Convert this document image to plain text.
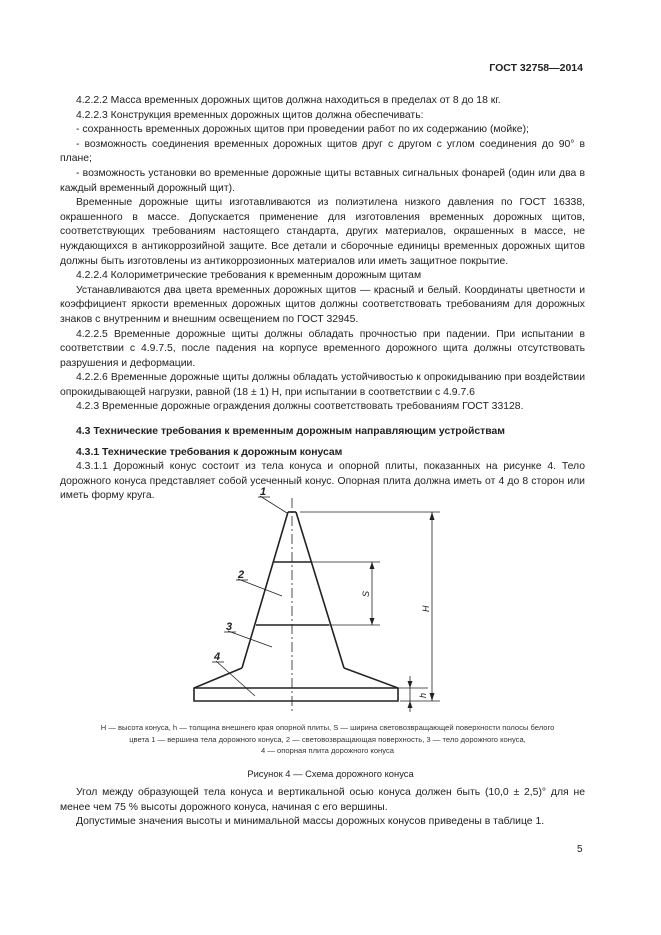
ГОСТ 32758—2014

4.2.2.2 Масса временных дорожных щитов должна находиться в пределах от 8 до 18 кг.

4.2.2.3 Конструкция временных дорожных щитов должна обеспечивать:

- сохранность временных дорожных щитов при проведении работ по их содержанию (мойке);

- возможность соединения временных дорожных щитов друг с другом с углом соединения до 90° в плане;

- возможность установки во временные дорожные щиты вставных сигнальных фонарей (один или два в каждый временный дорожный щит).

Временные дорожные щиты изготавливаются из полиэтилена низкого давления по ГОСТ 16338, окрашенного в массе. Допускается применение для изготовления временных дорожных щитов, соответствующих требованиям настоящего стандарта, других материалов, окрашенных в массе, не нуждающихся в антикоррозийной защите. Все детали и сборочные единицы временных дорожных щитов должны быть изготовлены из антикоррозионных материалов или иметь защитное покрытие.

4.2.2.4 Колориметрические требования к временным дорожным щитам

Устанавливаются два цвета временных дорожных щитов — красный и белый. Координаты цветности и коэффициент яркости временных дорожных щитов должны соответствовать требованиям для дорожных знаков с внутренним и внешним освещением по ГОСТ 32945.

4.2.2.5 Временные дорожные щиты должны обладать прочностью при падении. При испытании в соответствии с 4.9.7.5, после падения на корпусе временного дорожного щита должны отсутствовать разрушения и деформации.

4.2.2.6 Временные дорожные щиты должны обладать устойчивостью к опрокидыванию при воздействии опрокидывающей нагрузки, равной (18 ± 1) Н, при испытании в соответствии с 4.9.7.6

4.2.3 Временные дорожные ограждения должны соответствовать требованиям ГОСТ 33128.

4.3 Технические требования к временным дорожным направляющим устройствам

4.3.1 Технические требования к дорожным конусам

4.3.1.1 Дорожный конус состоит из тела конуса и опорной плиты, показанных на рисунке 4. Тело дорожного конуса представляет собой усеченный конус. Опорная плита должна иметь от 4 до 8 сторон или иметь форму круга.	1
2
3
4
H
S
h
H — высота конуса, h — толщина внешнего края опорной плиты, S — ширина световозвращающей поверхности полосы белого
цвета 1 — вершина тела дорожного конуса, 2 — световозвращающая поверхность, 3 — тело дорожного конуса,
4 — опорная плита дорожного конуса
Рисунок 4 — Схема дорожного конуса

Угол между образующей тела конуса и вертикальной осью конуса должен быть (10,0 ± 2,5)° для не менее чем 75 % высоты дорожного конуса, начиная с его вершины.

Допустимые значения высоты и минимальной массы дорожных конусов приведены в таблице 1.

5
